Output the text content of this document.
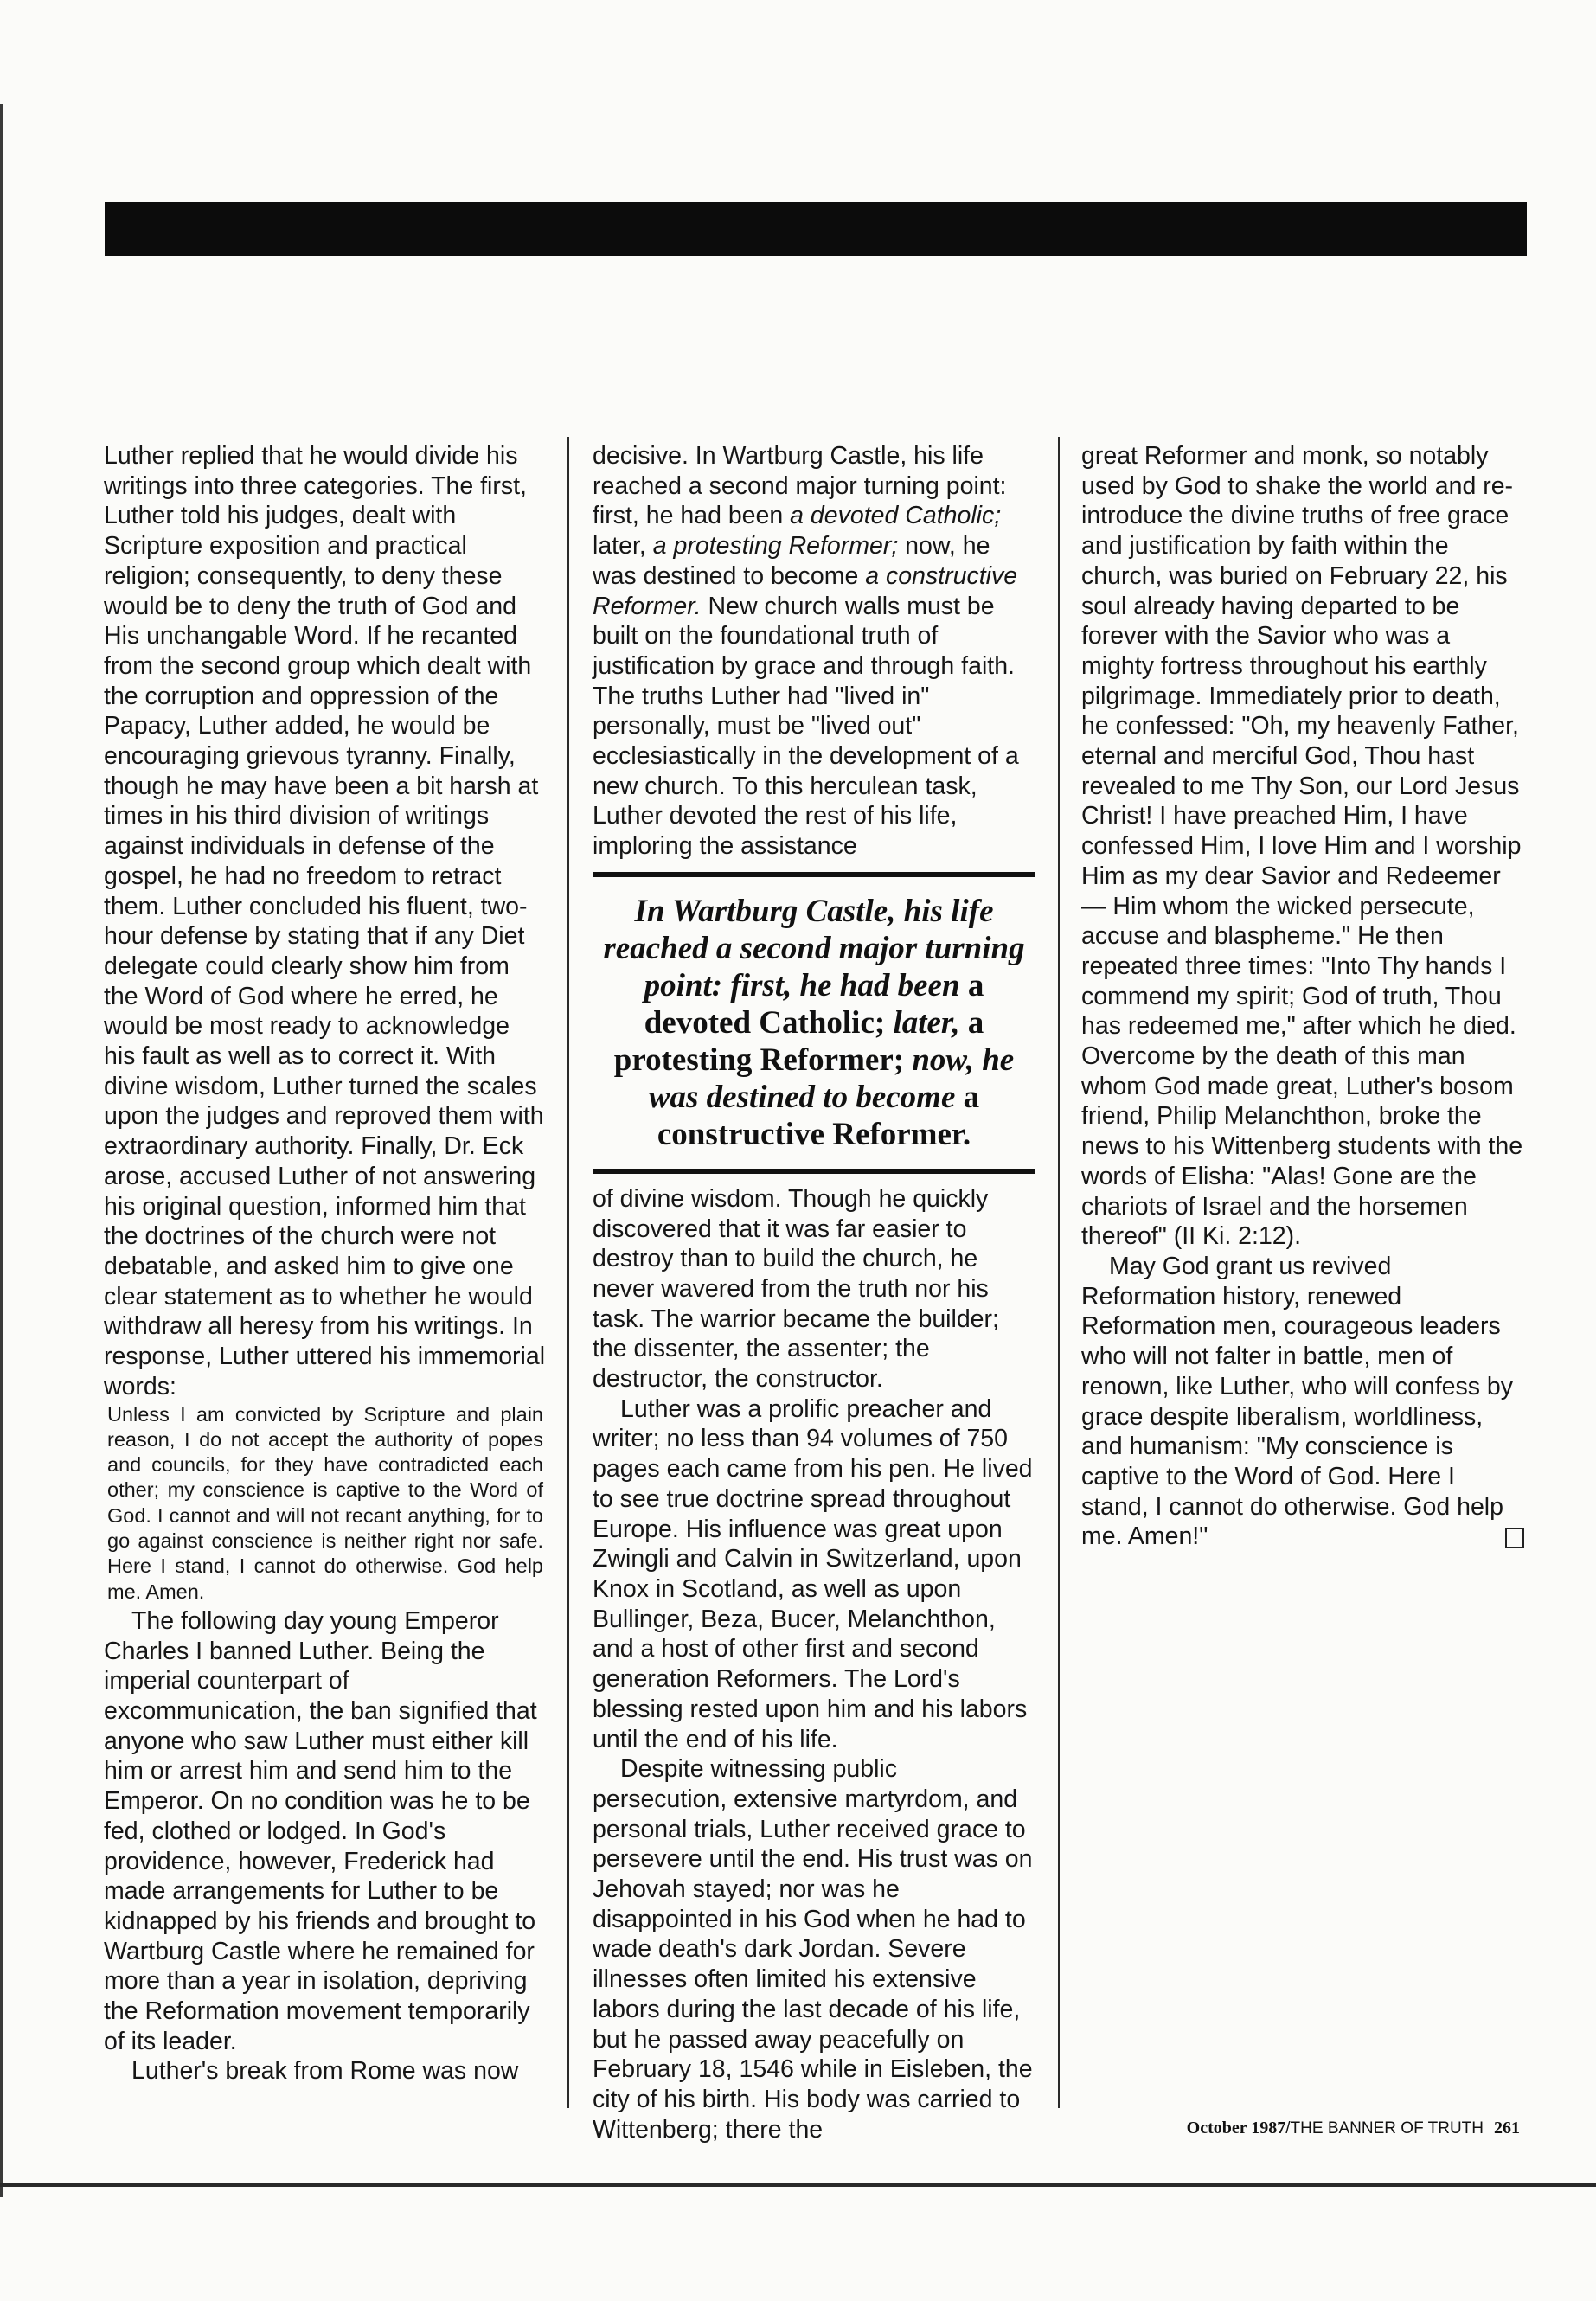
Luther replied that he would divide his writings into three categories. The first, Luther told his judges, dealt with Scripture exposition and practical religion; consequently, to deny these would be to deny the truth of God and His unchangable Word. If he recanted from the second group which dealt with the corruption and oppression of the Papacy, Luther added, he would be encouraging grievous tyranny. Finally, though he may have been a bit harsh at times in his third division of writings against individuals in defense of the gospel, he had no freedom to retract them. Luther concluded his fluent, two-hour defense by stating that if any Diet delegate could clearly show him from the Word of God where he erred, he would be most ready to acknowledge his fault as well as to correct it. With divine wisdom, Luther turned the scales upon the judges and reproved them with extraordinary authority. Finally, Dr. Eck arose, accused Luther of not answering his original question, informed him that the doctrines of the church were not debatable, and asked him to give one clear statement as to whether he would withdraw all heresy from his writings. In response, Luther uttered his immemorial words:

Unless I am convicted by Scripture and plain reason, I do not accept the authority of popes and councils, for they have contradicted each other; my conscience is captive to the Word of God. I cannot and will not recant anything, for to go against conscience is neither right nor safe. Here I stand, I cannot do otherwise. God help me. Amen.

The following day young Emperor Charles I banned Luther. Being the imperial counterpart of excommunication, the ban signified that anyone who saw Luther must either kill him or arrest him and send him to the Emperor. On no condition was he to be fed, clothed or lodged. In God's providence, however, Frederick had made arrangements for Luther to be kidnapped by his friends and brought to Wartburg Castle where he remained for more than a year in isolation, depriving the Reformation movement temporarily of its leader.

Luther's break from Rome was now

decisive. In Wartburg Castle, his life reached a second major turning point: first, he had been a devoted Catholic; later, a protesting Reformer; now, he was destined to become a constructive Reformer. New church walls must be built on the foundational truth of justification by grace and through faith. The truths Luther had "lived in" personally, must be "lived out" ecclesiastically in the development of a new church. To this herculean task, Luther devoted the rest of his life, imploring the assistance

In Wartburg Castle, his life reached a second major turning point: first, he had been a devoted Catholic; later, a protesting Reformer; now, he was destined to become a constructive Reformer.

of divine wisdom. Though he quickly discovered that it was far easier to destroy than to build the church, he never wavered from the truth nor his task. The warrior became the builder; the dissenter, the assenter; the destructor, the constructor.

Luther was a prolific preacher and writer; no less than 94 volumes of 750 pages each came from his pen. He lived to see true doctrine spread throughout Europe. His influence was great upon Zwingli and Calvin in Switzerland, upon Knox in Scotland, as well as upon Bullinger, Beza, Bucer, Melanchthon, and a host of other first and second generation Reformers. The Lord's blessing rested upon him and his labors until the end of his life.

Despite witnessing public persecution, extensive martyrdom, and personal trials, Luther received grace to persevere until the end. His trust was on Jehovah stayed; nor was he disappointed in his God when he had to wade death's dark Jordan. Severe illnesses often limited his extensive labors during the last decade of his life, but he passed away peacefully on February 18, 1546 while in Eisleben, the city of his birth. His body was carried to Wittenberg; there the

great Reformer and monk, so notably used by God to shake the world and re-introduce the divine truths of free grace and justification by faith within the church, was buried on February 22, his soul already having departed to be forever with the Savior who was a mighty fortress throughout his earthly pilgrimage. Immediately prior to death, he confessed: "Oh, my heavenly Father, eternal and merciful God, Thou hast revealed to me Thy Son, our Lord Jesus Christ! I have preached Him, I have confessed Him, I love Him and I worship Him as my dear Savior and Redeemer — Him whom the wicked persecute, accuse and blaspheme." He then repeated three times: "Into Thy hands I commend my spirit; God of truth, Thou has redeemed me," after which he died. Overcome by the death of this man whom God made great, Luther's bosom friend, Philip Melanchthon, broke the news to his Wittenberg students with the words of Elisha: "Alas! Gone are the chariots of Israel and the horsemen thereof" (II Ki. 2:12).

May God grant us revived Reformation history, renewed Reformation men, courageous leaders who will not falter in battle, men of renown, like Luther, who will confess by grace despite liberalism, worldliness, and humanism: "My conscience is captive to the Word of God. Here I stand, I cannot do otherwise. God help me. Amen!"

October 1987/THE BANNER OF TRUTH 261
